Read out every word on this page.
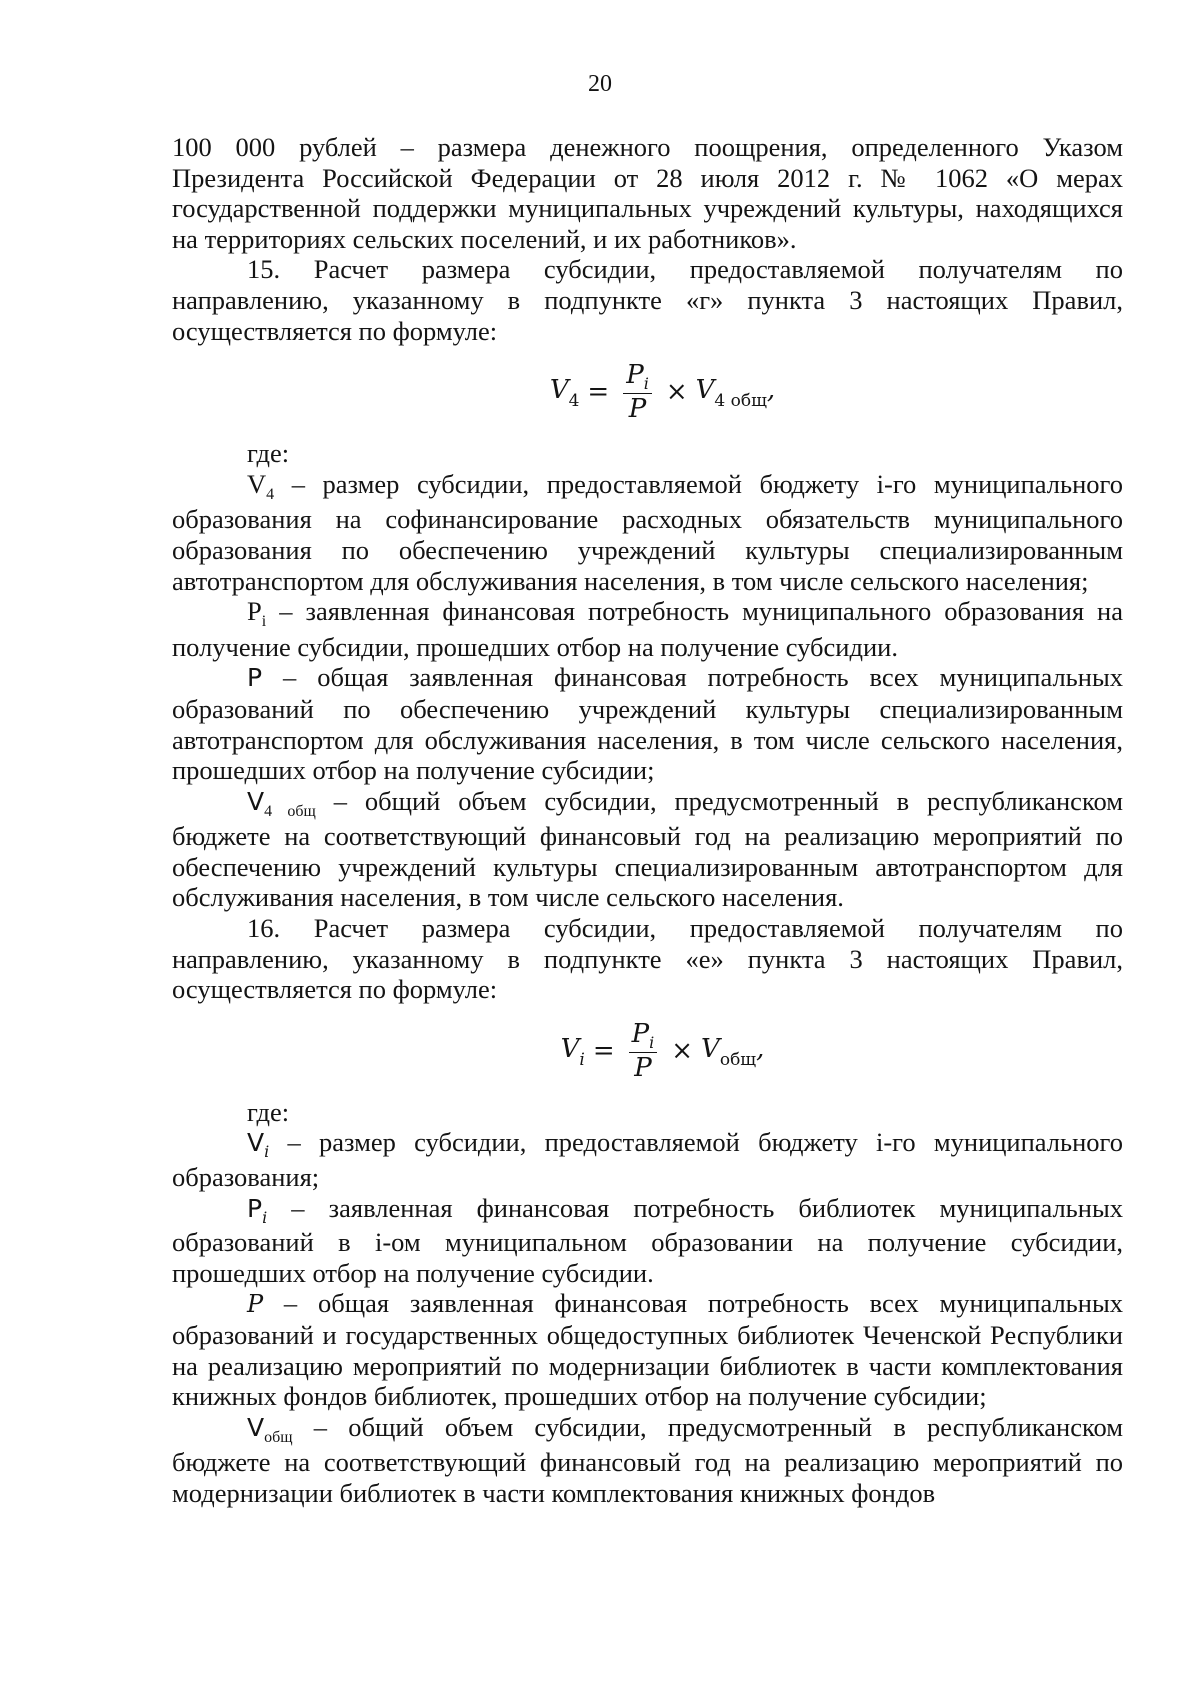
20

100 000 рублей – размера денежного поощрения, определенного Указом Президента Российской Федерации от 28 июля 2012 г. № 1062 «О мерах государственной поддержки муниципальных учреждений культуры, находящихся на территориях сельских поселений, и их работников».

15. Расчет размера субсидии, предоставляемой получателям по направлению, указанному в подпункте «г» пункта 3 настоящих Правил, осуществляется по формуле:

$V_4 = \frac{P_i}{P} \times V_{4 общ}$,

где:

$V_4$ – размер субсидии, предоставляемой бюджету i-го муниципального образования на софинансирование расходных обязательств муниципального образования по обеспечению учреждений культуры специализированным автотранспортом для обслуживания населения, в том числе сельского населения;

$P_i$ – заявленная финансовая потребность муниципального образования на получение субсидии, прошедших отбор на получение субсидии.

P – общая заявленная финансовая потребность всех муниципальных образований по обеспечению учреждений культуры специализированным автотранспортом для обслуживания населения, в том числе сельского населения, прошедших отбор на получение субсидии;

$V_{4 общ}$ – общий объем субсидии, предусмотренный в республиканском бюджете на соответствующий финансовый год на реализацию мероприятий по обеспечению учреждений культуры специализированным автотранспортом для обслуживания населения, в том числе сельского населения.

16. Расчет размера субсидии, предоставляемой получателям по направлению, указанному в подпункте «е» пункта 3 настоящих Правил, осуществляется по формуле:

$V_i = \frac{P_i}{P} \times V_{общ}$,

где:

$V_i$ – размер субсидии, предоставляемой бюджету i-го муниципального образования;

$P_i$ – заявленная финансовая потребность библиотек муниципальных образований в i-ом муниципальном образовании на получение субсидии, прошедших отбор на получение субсидии.

P – общая заявленная финансовая потребность всех муниципальных образований и государственных общедоступных библиотек Чеченской Республики на реализацию мероприятий по модернизации библиотек в части комплектования книжных фондов библиотек, прошедших отбор на получение субсидии;

$V_{общ}$ – общий объем субсидии, предусмотренный в республиканском бюджете на соответствующий финансовый год на реализацию мероприятий по модернизации библиотек в части комплектования книжных фондов
